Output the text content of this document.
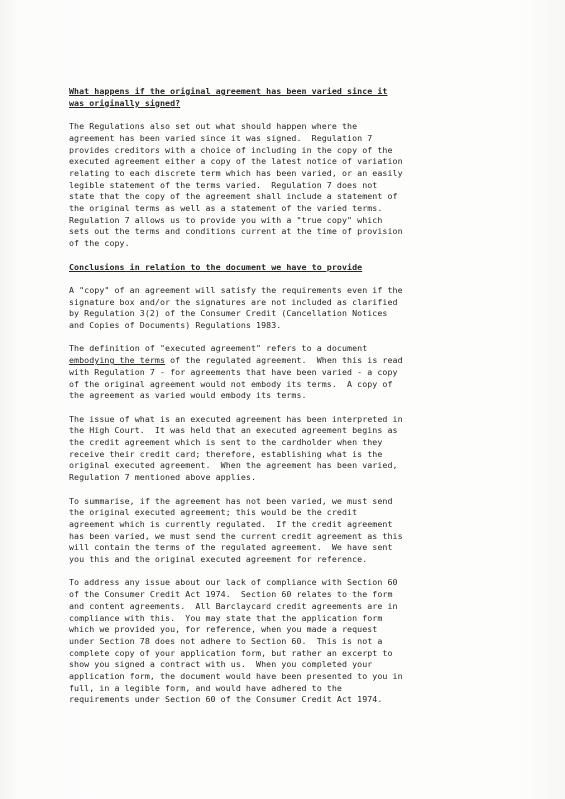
What happens if the original agreement has been varied since it
was originally signed?

The Regulations also set out what should happen where the
agreement has been varied since it was signed.  Regulation 7
provides creditors with a choice of including in the copy of the
executed agreement either a copy of the latest notice of variation
relating to each discrete term which has been varied, or an easily
legible statement of the terms varied.  Regulation 7 does not
state that the copy of the agreement shall include a statement of
the original terms as well as a statement of the varied terms.
Regulation 7 allows us to provide you with a "true copy" which
sets out the terms and conditions current at the time of provision
of the copy.

Conclusions in relation to the document we have to provide

A "copy" of an agreement will satisfy the requirements even if the
signature box and/or the signatures are not included as clarified
by Regulation 3(2) of the Consumer Credit (Cancellation Notices
and Copies of Documents) Regulations 1983.

The definition of "executed agreement" refers to a document
embodying the terms of the regulated agreement.  When this is read
with Regulation 7 - for agreements that have been varied - a copy
of the original agreement would not embody its terms.  A copy of
the agreement as varied would embody its terms.

The issue of what is an executed agreement has been interpreted in
the High Court.  It was held that an executed agreement begins as
the credit agreement which is sent to the cardholder when they
receive their credit card; therefore, establishing what is the
original executed agreement.  When the agreement has been varied,
Regulation 7 mentioned above applies.

To summarise, if the agreement has not been varied, we must send
the original executed agreement; this would be the credit
agreement which is currently regulated.  If the credit agreement
has been varied, we must send the current credit agreement as this
will contain the terms of the regulated agreement.  We have sent
you this and the original executed agreement for reference.

To address any issue about our lack of compliance with Section 60
of the Consumer Credit Act 1974.  Section 60 relates to the form
and content agreements.  All Barclaycard credit agreements are in
compliance with this.  You may state that the application form
which we provided you, for reference, when you made a request
under Section 78 does not adhere to Section 60.  This is not a
complete copy of your application form, but rather an excerpt to
show you signed a contract with us.  When you completed your
application form, the document would have been presented to you in
full, in a legible form, and would have adhered to the
requirements under Section 60 of the Consumer Credit Act 1974.
